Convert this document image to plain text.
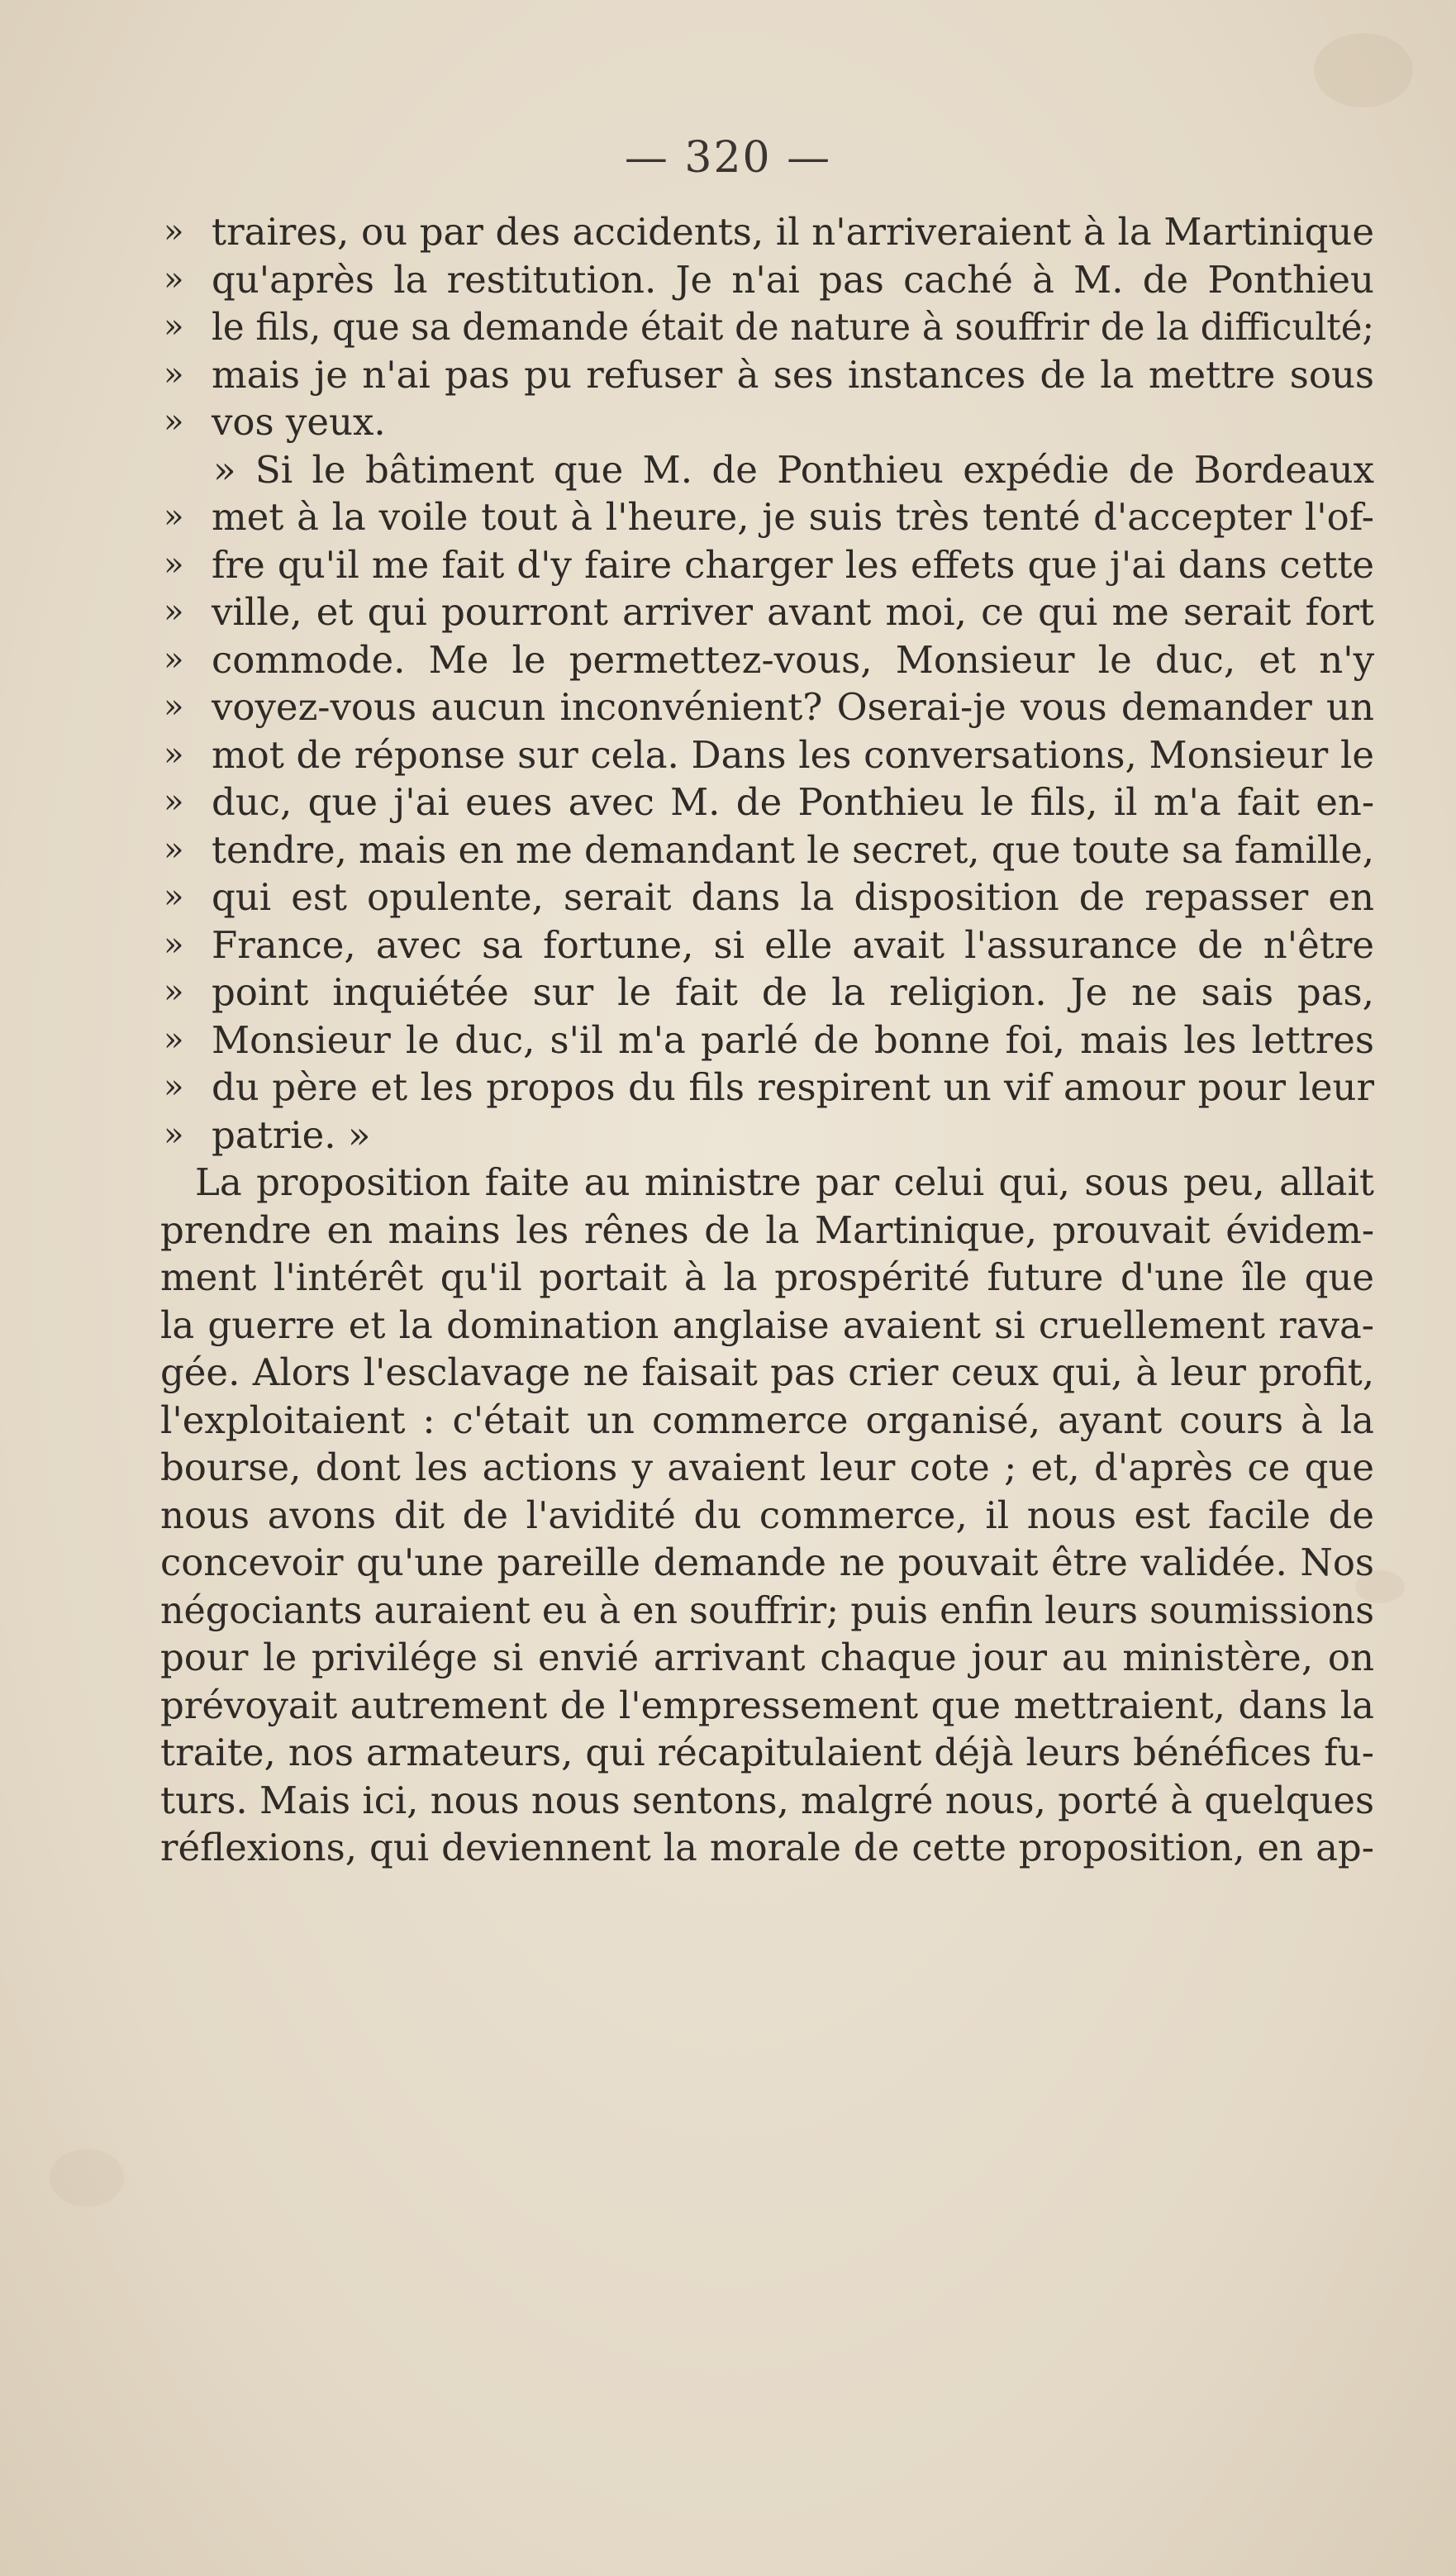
— 320 —
» traires, ou par des accidents, il n'arriveraient à la Martinique
» qu'après la restitution. Je n'ai pas caché à M. de Ponthieu
» le fils, que sa demande était de nature à souffrir de la difficulté;
» mais je n'ai pas pu refuser à ses instances de la mettre sous
» vos yeux.
» Si le bâtiment que M. de Ponthieu expédie de Bordeaux
» met à la voile tout à l'heure, je suis très tenté d'accepter l'of-
» fre qu'il me fait d'y faire charger les effets que j'ai dans cette
» ville, et qui pourront arriver avant moi, ce qui me serait fort
» commode. Me le permettez-vous, Monsieur le duc, et n'y
» voyez-vous aucun inconvénient? Oserai-je vous demander un
» mot de réponse sur cela. Dans les conversations, Monsieur le
» duc, que j'ai eues avec M. de Ponthieu le fils, il m'a fait en-
» tendre, mais en me demandant le secret, que toute sa famille,
» qui est opulente, serait dans la disposition de repasser en
» France, avec sa fortune, si elle avait l'assurance de n'être
» point inquiétée sur le fait de la religion. Je ne sais pas,
» Monsieur le duc, s'il m'a parlé de bonne foi, mais les lettres
» du père et les propos du fils respirent un vif amour pour leur
» patrie. »
La proposition faite au ministre par celui qui, sous peu, allait
prendre en mains les rênes de la Martinique, prouvait évidem-
ment l'intérêt qu'il portait à la prospérité future d'une île que
la guerre et la domination anglaise avaient si cruellement rava-
gée. Alors l'esclavage ne faisait pas crier ceux qui, à leur profit,
l'exploitaient : c'était un commerce organisé, ayant cours à la
bourse, dont les actions y avaient leur cote ; et, d'après ce que
nous avons dit de l'avidité du commerce, il nous est facile de
concevoir qu'une pareille demande ne pouvait être validée. Nos
négociants auraient eu à en souffrir; puis enfin leurs soumissions
pour le privilége si envié arrivant chaque jour au ministère, on
prévoyait autrement de l'empressement que mettraient, dans la
traite, nos armateurs, qui récapitulaient déjà leurs bénéfices fu-
turs. Mais ici, nous nous sentons, malgré nous, porté à quelques
réflexions, qui deviennent la morale de cette proposition, en ap-
